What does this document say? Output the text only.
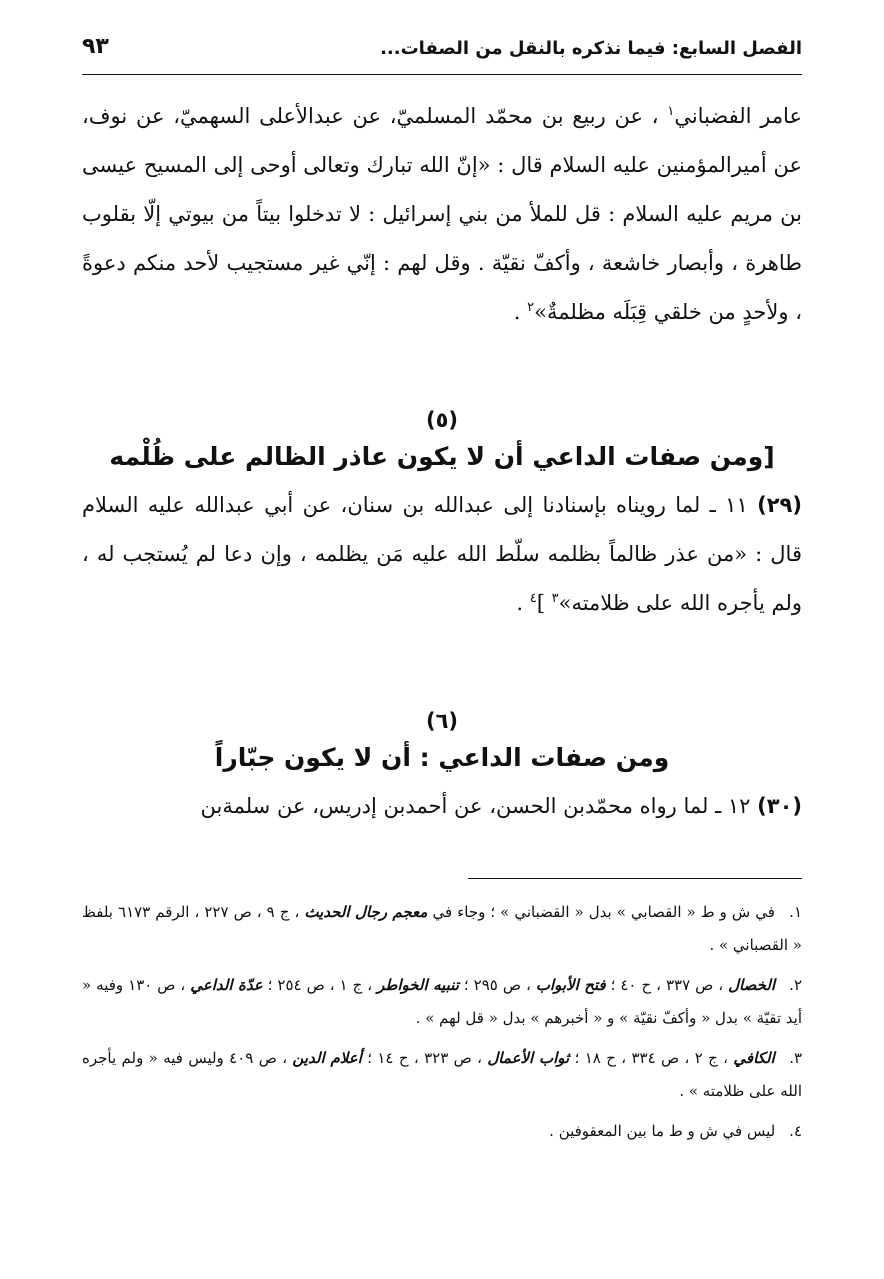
الفصل السابع: فيما نذكره بالنقل من الصفات...
٩٣

عامر الفضباني$^١$ ، عن ربيع بن محمّد المسلميّ، عن عبدالأعلى السهميّ، عن نوف، عن أميرالمؤمنين عليه السلام قال : «إنّ الله تبارك وتعالى أوحى إلى المسيح عيسى بن مريم عليه السلام : قل للملأ من بني إسرائيل : لا تدخلوا بيتاً من بيوتي إلّا بقلوب طاهرة ، وأبصار خاشعة ، وأكفّ نقيّة . وقل لهم : إنّي غير مستجيب لأحد منكم دعوةً ، ولأحدٍ من خلقي قِبَلَه مظلمةٌ»$^٢$ .

(٥)

[ومن صفات الداعي أن لا يكون عاذر الظالم على ظُلْمه

(٢٩) ١١ ـ لما رويناه بإسنادنا إلى عبدالله بن سنان، عن أبي عبدالله عليه السلام قال : «من عذر ظالماً بظلمه سلّط الله عليه مَن يظلمه ، وإن دعا لم يُستجب له ، ولم يأجره الله على ظلامته»$^٣$ ]$^٤$ .

(٦)

ومن صفات الداعي : أن لا يكون جبّاراً

(٣٠) ١٢ ـ لما رواه محمّدبن الحسن، عن أحمدبن إدريس، عن سلمةبن

١. في ش و ط « القصابي » بدل « القضباني » ؛ وجاء في معجم رجال الحديث ، ج ٩ ، ص ٢٢٧ ، الرقم ٦١٧٣ بلفظ « القصباني » .

٢. الخصال ، ص ٣٣٧ ، ح ٤٠ ؛ فتح الأبواب ، ص ٢٩٥ ؛ تنبيه الخواطر ، ج ١ ، ص ٢٥٤ ؛ عدّة الداعي ، ص ١٣٠ وفيه « أيد تقيّة » بدل « وأكفّ نقيّة » و « أخبرهم » بدل « قل لهم » .

٣. الكافي ، ج ٢ ، ص ٣٣٤ ، ح ١٨ ؛ ثواب الأعمال ، ص ٣٢٣ ، ح ١٤ ؛ أعلام الدين ، ص ٤٠٩ وليس فيه « ولم يأجره الله على ظلامته » .

٤. ليس في ش و ط ما بين المعقوفين .
